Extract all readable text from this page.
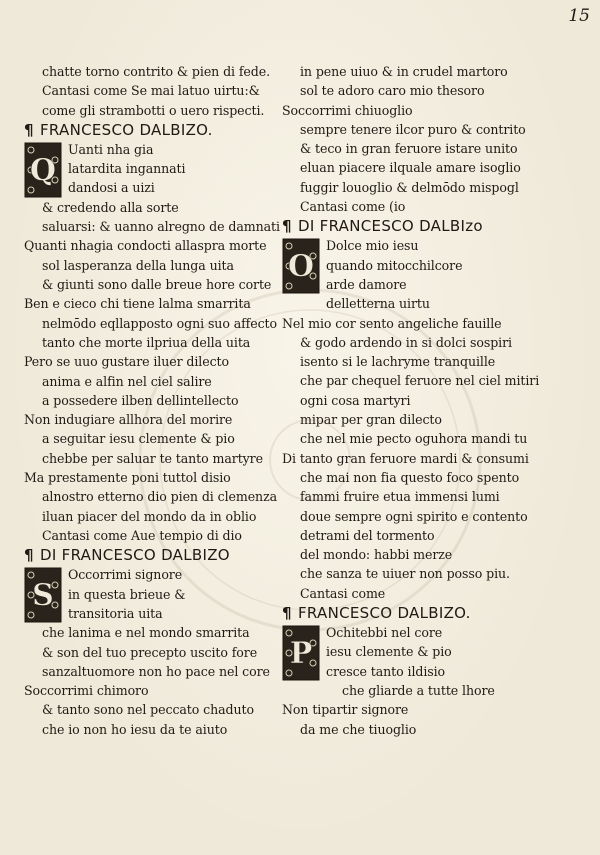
15
chatte torno contrito & pien di fede.
Cantasi come Se mai latuo uirtu:&
come gli strambotti o uero rispecti.
¶ FRANCESCO DALBIZO.
Q
Uanti nha gia
latardita ingannati
dandosi a uizi
& credendo alla sorte
saluarsi: & uanno alregno de damnati
Quanti nhagia condocti allaspra morte
sol lasperanza della lunga uita
& giunti sono dalle breue hore corte
Ben e cieco chi tiene lalma smarrita
nelmōdo eqllapposto ogni suo affecto
tanto che morte ilpriua della uita
Pero se uuo gustare iluer dilecto
anima e alfin nel ciel salire
a possedere ilben dellintellecto
Non indugiare allhora del morire
a seguitar iesu clemente & pio
chebbe per saluar te tanto martyre
Ma prestamente poni tuttol disio
alnostro etterno dio pien di clemenza
iluan piacer del mondo da in oblio
Cantasi come Aue tempio di dio
¶ DI FRANCESCO DALBIZO
S
Occorrimi signore
in questa brieue &
transitoria uita
che lanima e nel mondo smarrita
& son del tuo precepto uscito fore
sanzaltuomore non ho pace nel core
Soccorrimi chimoro
& tanto sono nel peccato chaduto
che io non ho iesu da te aiuto
in pene uiuo & in crudel martoro
sol te adoro caro mio thesoro
Soccorrimi chiuoglio
sempre tenere ilcor puro & contrito
& teco in gran feruore istare unito
eluan piacere ilquale amare isoglio
fuggir louoglio & delmōdo mispogl
Cantasi come (io
¶ DI FRANCESCO DALBIzo
O
Dolce mio iesu
quando mitocchilcore
arde damore
delletterna uirtu
Nel mio cor sento angeliche fauille
& godo ardendo in si dolci sospiri
isento si le lachryme tranquille
che par chequel feruore nel ciel mitiri
ogni cosa martyri
mipar per gran dilecto
che nel mie pecto oguhora mandi tu
Di tanto gran feruore mardi & consumi
che mai non fia questo foco spento
fammi fruire etua immensi lumi
doue sempre ogni spirito e contento
detrami del tormento
del mondo: habbi merze
che sanza te uiuer non posso piu.
Cantasi come
¶ FRANCESCO DALBIZO.
P
Ochitebbi nel core
iesu clemente & pio
cresce tanto ildisio
che gliarde a tutte lhore
Non tipartir signore
da me che tiuoglio
